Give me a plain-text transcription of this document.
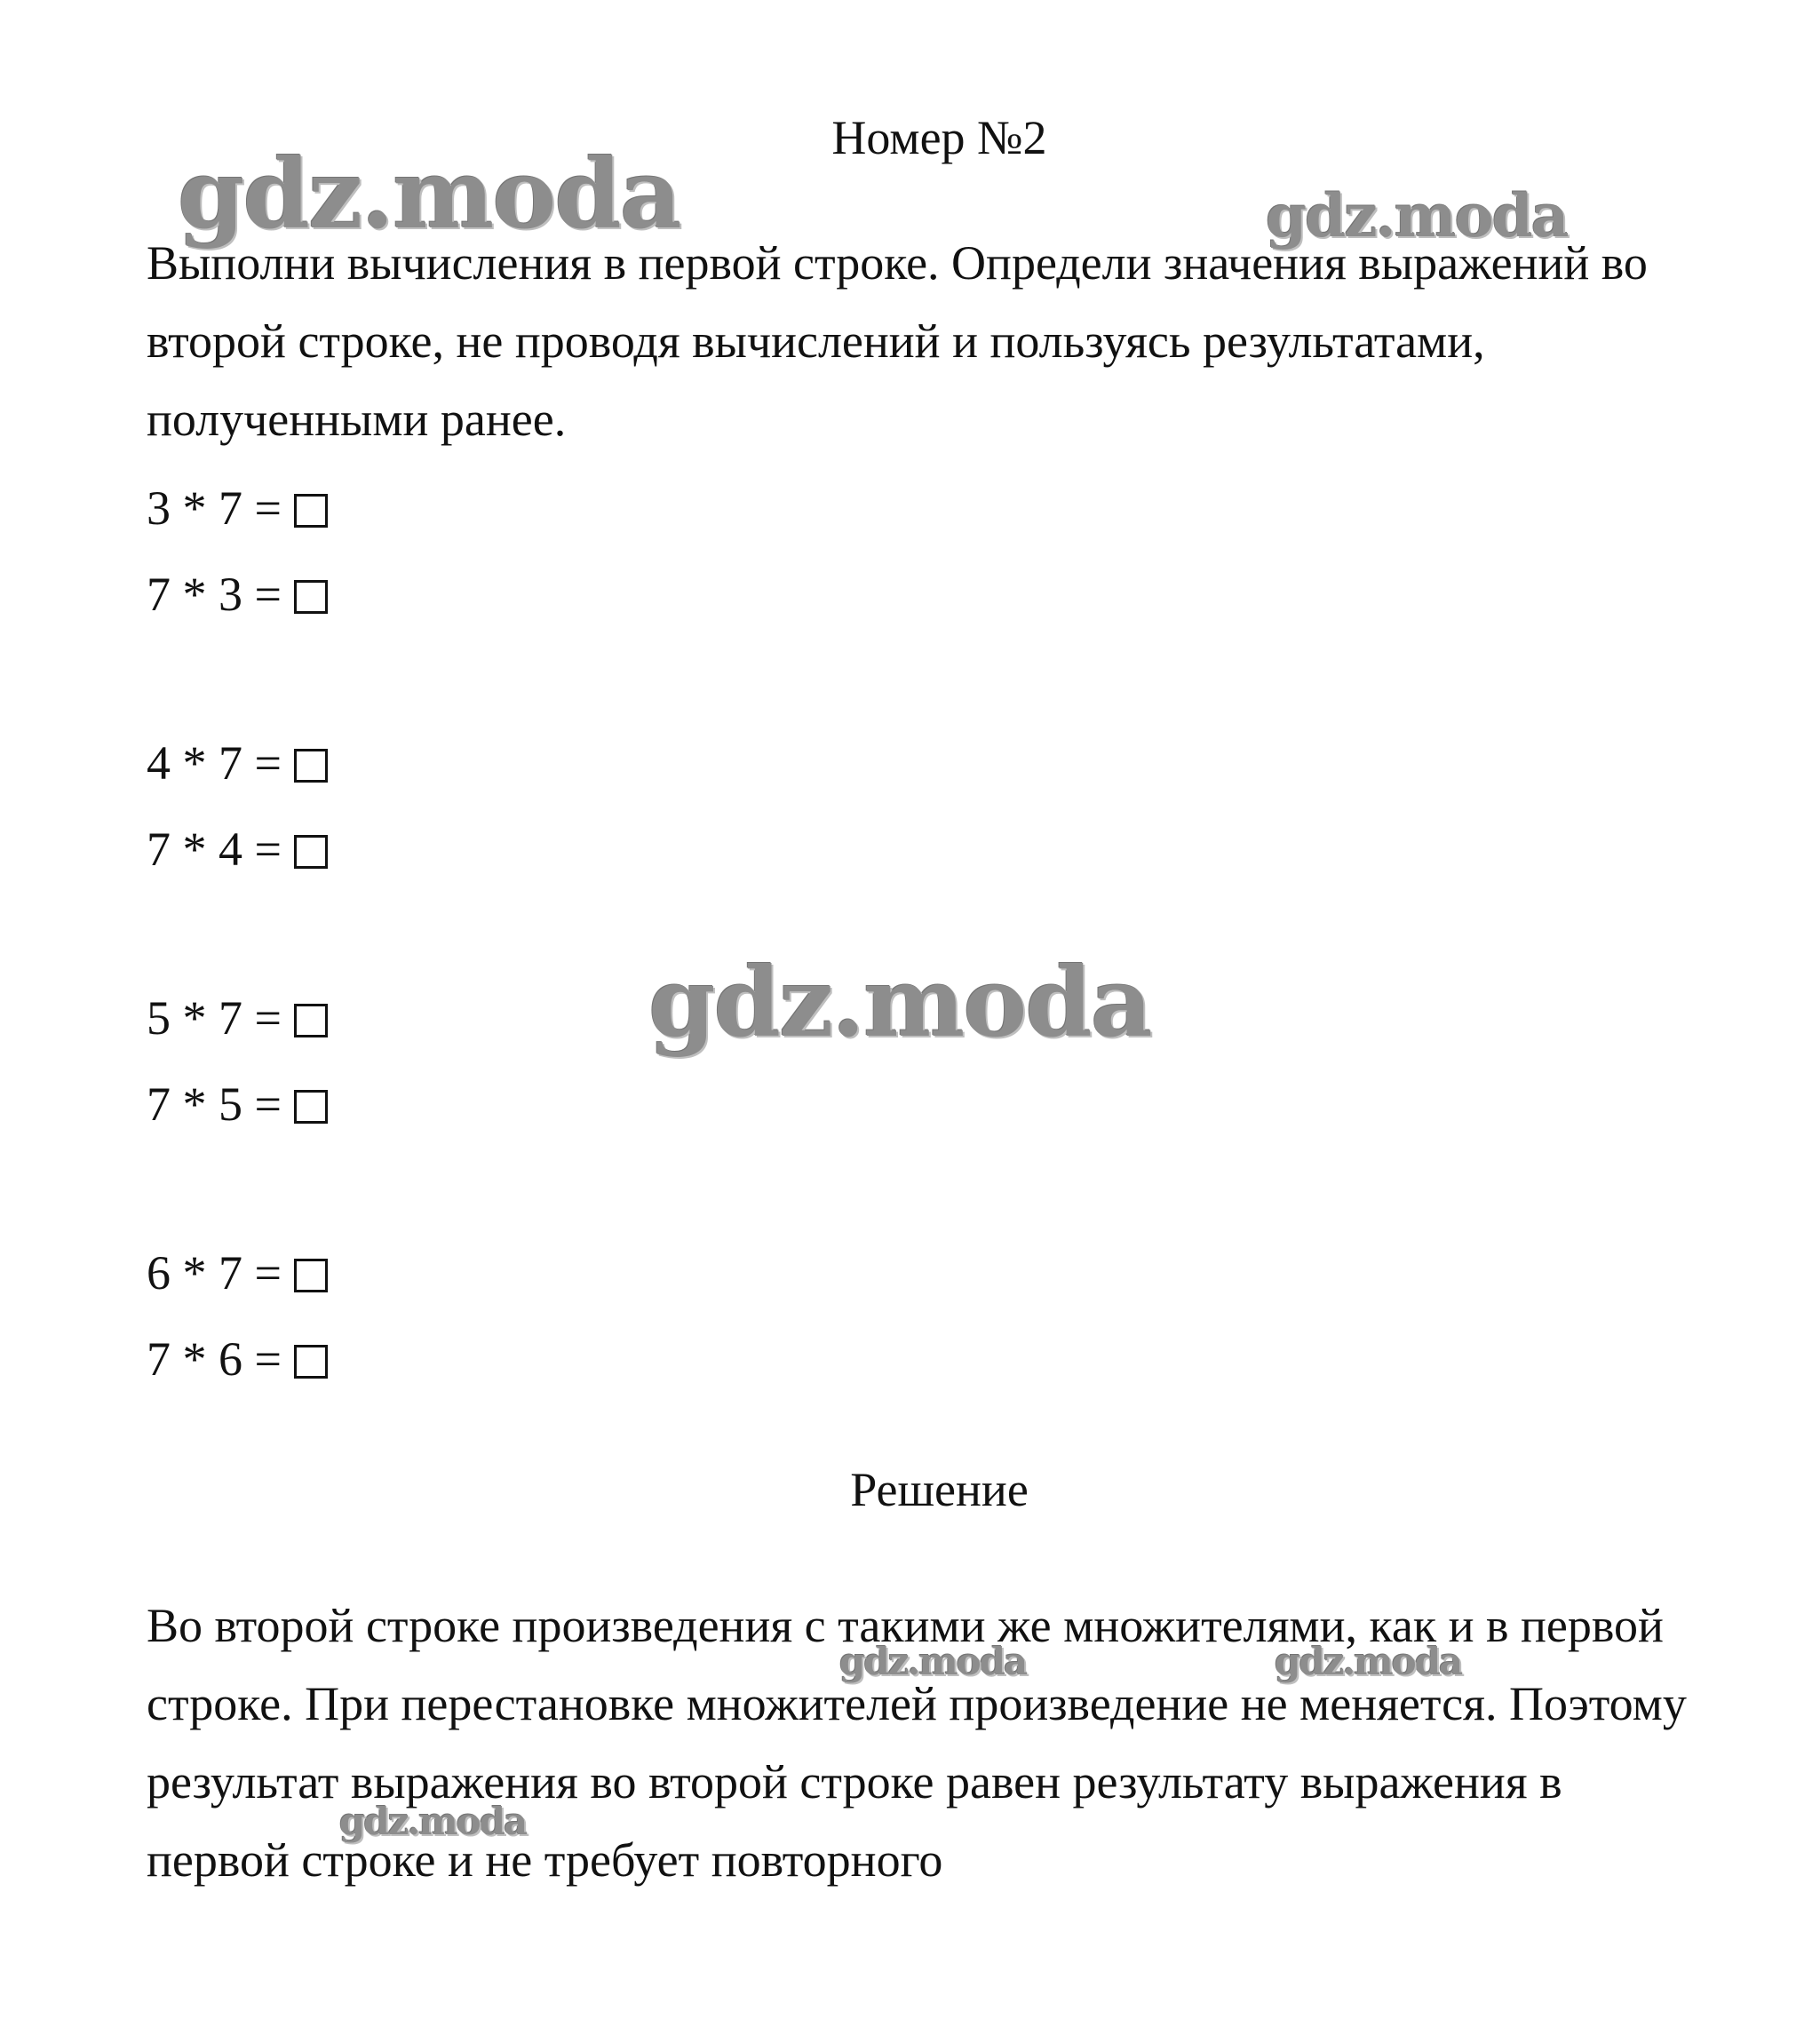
Номер №2

Выполни вычисления в первой строке. Определи значения выражений во второй строке, не проводя вычислений и пользуясь результатами, полученными ранее.

3 * 7 =
7 * 3 =
4 * 7 =
7 * 4 =
5 * 7 =
7 * 5 =
6 * 7 =
7 * 6 =
Решение

Во второй строке произведения с такими же множителями, как и в первой строке. При перестановке множителей произведение не меняется. Поэтому результат выражения во второй строке равен результату выражения в первой строке и не требует повторного

gdz.moda	gdz.moda
gdz.moda
gdz.moda	gdz.moda
gdz.moda
